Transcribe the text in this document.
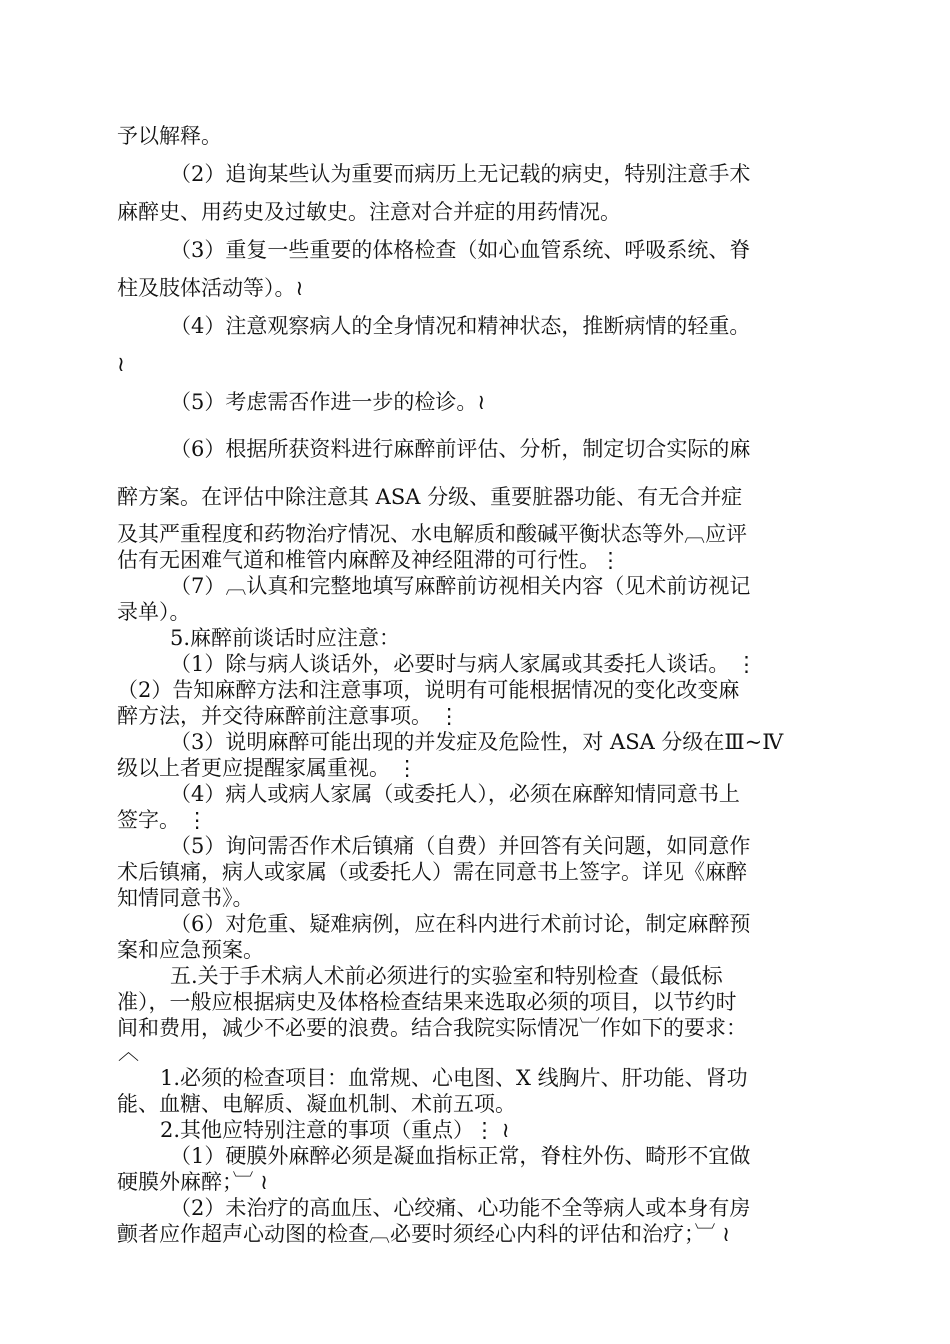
予以解释。
（2）追询某些认为重要而病历上无记载的病史，特别注意手术
麻醉史、用药史及过敏史。注意对合并症的用药情况。
（3）重复一些重要的体格检查（如心血管系统、呼吸系统、脊
柱及肢体活动等）。≀
（4）注意观察病人的全身情况和精神状态，推断病情的轻重。
≀
（5）考虑需否作进一步的检诊。≀
（6）根据所获资料进行麻醉前评估、分析，制定切合实际的麻
醉方案。在评估中除注意其 ASA 分级、重要脏器功能、有无合并症
及其严重程度和药物治疗情况、水电解质和酸碱平衡状态等外︹应评
估有无困难气道和椎管内麻醉及神经阻滞的可行性。⋮
（7）︹认真和完整地填写麻醉前访视相关内容（见术前访视记
录单）。
5.麻醉前谈话时应注意：
（1）除与病人谈话外，必要时与病人家属或其委托人谈话。 ⋮
（2）告知麻醉方法和注意事项，说明有可能根据情况的变化改变麻
醉方法，并交待麻醉前注意事项。 ⋮
（3）说明麻醉可能出现的并发症及危险性，对 ASA 分级在Ⅲ~Ⅳ
级以上者更应提醒家属重视。 ⋮
（4）病人或病人家属（或委托人），必须在麻醉知情同意书上
签字。 ⋮
（5）询问需否作术后镇痛（自费）并回答有关问题，如同意作
术后镇痛，病人或家属（或委托人）需在同意书上签字。详见《麻醉
知情同意书》。
（6）对危重、疑难病例，应在科内进行术前讨论，制定麻醉预
案和应急预案。
五.关于手术病人术前必须进行的实验室和特别检查（最低标
准），一般应根据病史及体格检查结果来选取必须的项目，以节约时
间和费用，减少不必要的浪费。结合我院实际情况︺作如下的要求：
︿
1.必须的检查项目：血常规、心电图、X 线胸片、肝功能、肾功
能、血糖、电解质、凝血机制、术前五项。
2.其他应特别注意的事项（重点）⋮ ≀
（1）硬膜外麻醉必须是凝血指标正常，脊柱外伤、畸形不宜做
硬膜外麻醉；︺ ≀
（2）未治疗的高血压、心绞痛、心功能不全等病人或本身有房
颤者应作超声心动图的检查︹必要时须经心内科的评估和治疗；︺ ≀
